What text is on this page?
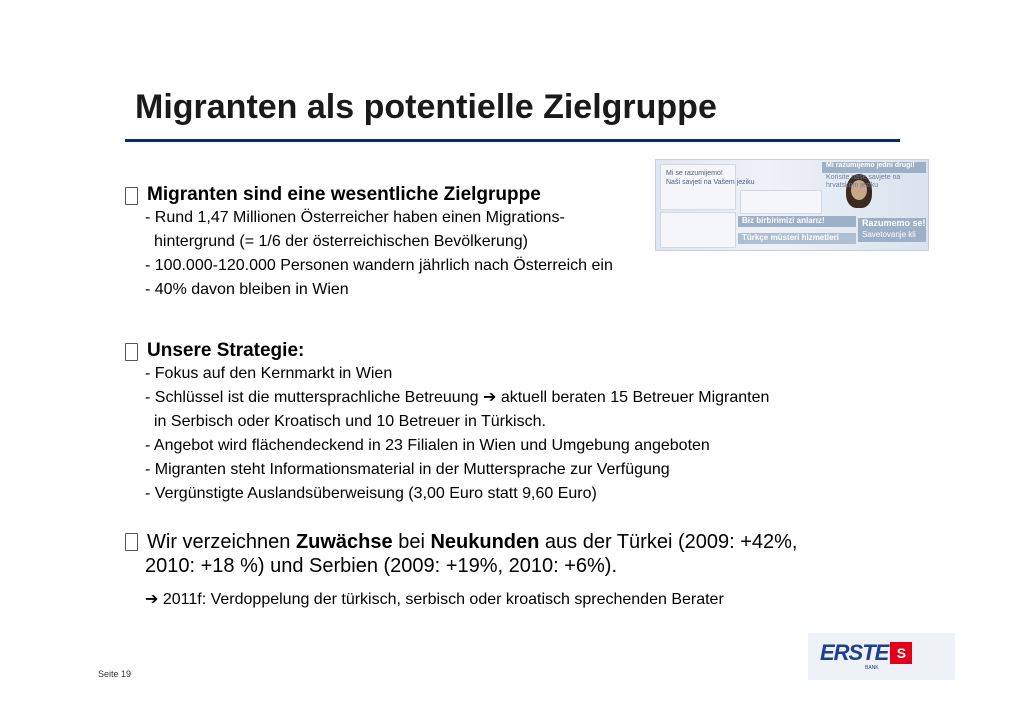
Migranten als potentielle Zielgruppe
Mi se razumijemo!
Naši savjeti na Vašem jeziku
Mi razumijemo jedni drugi!
Korisite naše savjete na
hrvatskom jeziku
Biz birbirimizi anlarız!
Türkçe müsteri hizmetleri
Razumemo se!
Savetovanje kli
Migranten sind eine wesentliche Zielgruppe
- Rund 1,47 Millionen Österreicher haben einen Migrations-
hintergrund (= 1/6 der österreichischen Bevölkerung)
- 100.000-120.000 Personen wandern jährlich nach Österreich ein
- 40% davon bleiben in Wien
Unsere Strategie:
- Fokus auf den Kernmarkt in Wien
- Schlüssel ist die muttersprachliche Betreuung ➔ aktuell beraten 15 Betreuer Migranten
in Serbisch oder Kroatisch und 10 Betreuer in Türkisch.
- Angebot wird flächendeckend in 23 Filialen in Wien und Umgebung angeboten
- Migranten steht Informationsmaterial in der Muttersprache zur Verfügung
- Vergünstigte Auslandsüberweisung (3,00 Euro statt 9,60 Euro)
Wir verzeichnen Zuwächse bei Neukunden aus der Türkei (2009: +42%,
2010: +18 %) und Serbien (2009: +19%, 2010: +6%).
➔ 2011f: Verdoppelung der türkisch, serbisch oder kroatisch sprechenden Berater
Seite 19
ERSTE S
BANK
